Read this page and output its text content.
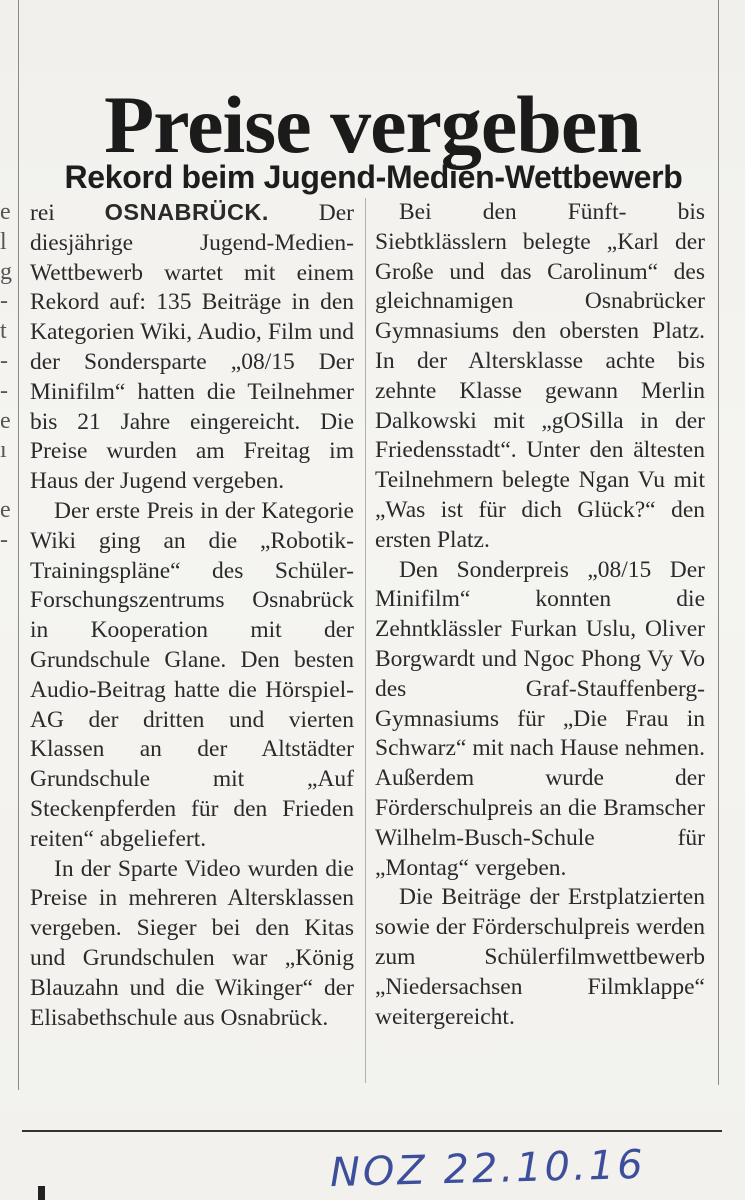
e
l
g
-
t
-
-
e
ı
e
-
Preise vergeben
Rekord beim Jugend-Medien-Wettbewerb

rei OSNABRÜCK. Der diesjährige Jugend-Medien-Wettbewerb wartet mit einem Rekord auf: 135 Beiträge in den Kategorien Wiki, Audio, Film und der Sondersparte „08/15 Der Minifilm“ hatten die Teilnehmer bis 21 Jahre eingereicht. Die Preise wurden am Freitag im Haus der Jugend vergeben.

Der erste Preis in der Kategorie Wiki ging an die „Robotik-Trainingspläne“ des Schüler-Forschungszentrums Osnabrück in Kooperation mit der Grundschule Glane. Den besten Audio-Beitrag hatte die Hörspiel-AG der dritten und vierten Klassen an der Altstädter Grundschule mit „Auf Steckenpferden für den Frieden reiten“ abgeliefert.

In der Sparte Video wurden die Preise in mehreren Altersklassen vergeben. Sieger bei den Kitas und Grundschulen war „König Blauzahn und die Wikinger“ der Elisabethschule aus Osnabrück.

Bei den Fünft- bis Siebtklässlern belegte „Karl der Große und das Carolinum“ des gleichnamigen Osnabrücker Gymnasiums den obersten Platz. In der Altersklasse achte bis zehnte Klasse gewann Merlin Dalkowski mit „gOSilla in der Friedensstadt“. Unter den ältesten Teilnehmern belegte Ngan Vu mit „Was ist für dich Glück?“ den ersten Platz.

Den Sonderpreis „08/15 Der Minifilm“ konnten die Zehntklässler Furkan Uslu, Oliver Borgwardt und Ngoc Phong Vy Vo des Graf-Stauffenberg-Gymnasiums für „Die Frau in Schwarz“ mit nach Hause nehmen. Außerdem wurde der Förderschulpreis an die Bramscher Wilhelm-Busch-Schule für „Montag“ vergeben.

Die Beiträge der Erstplatzierten sowie der Förderschulpreis werden zum Schülerfilmwettbewerb „Niedersachsen Filmklappe“ weitergereicht.

NOZ 22.10.16
